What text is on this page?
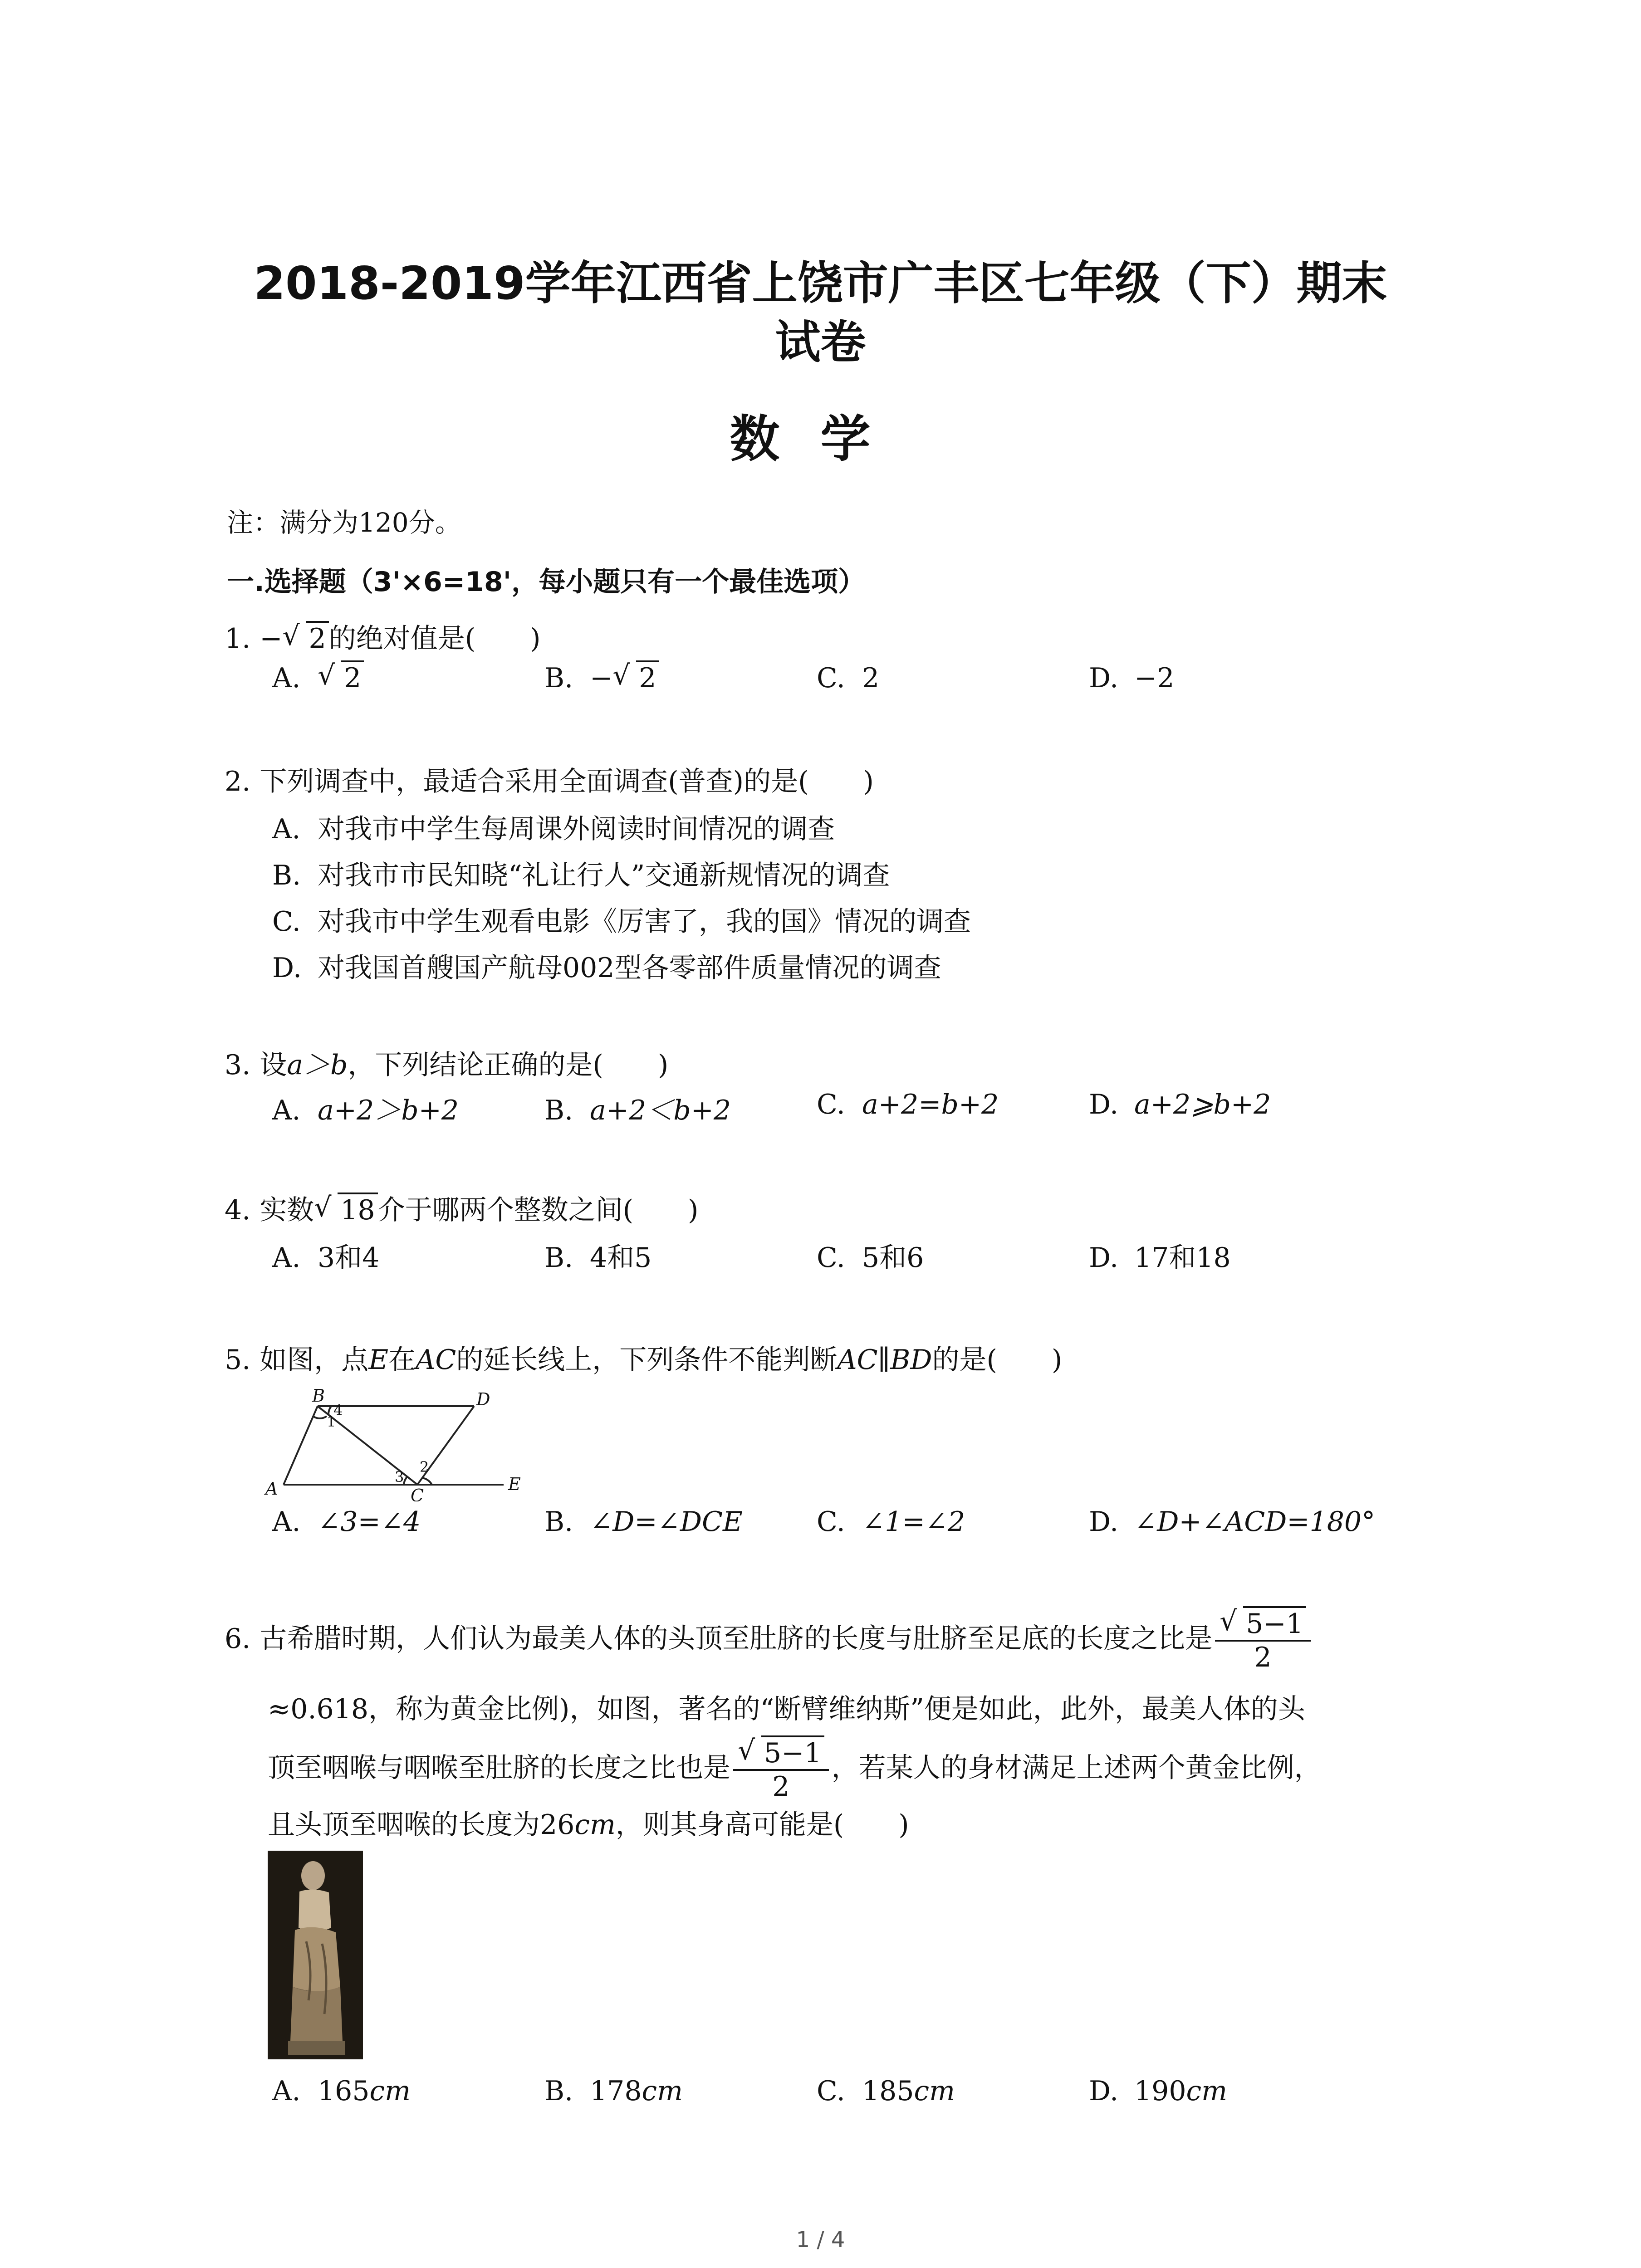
2018-2019学年江西省上饶市广丰区七年级（下）期末
试卷
数学
注：满分为120分。
一.选择题（3'×6=18'，每小题只有一个最佳选项）
1. − √ 2 的绝对值是( )
A. √ 2	B. − √ 2	C. 2	D. −2
2. 下列调查中，最适合采用全面调查(普查)的是( )
A. 对我市中学生每周课外阅读时间情况的调查
B. 对我市市民知晓“礼让行人”交通新规情况的调查
C. 对我市中学生观看电影《厉害了，我的国》情况的调查
D. 对我国首艘国产航母002型各零部件质量情况的调查
3. 设a＞b，下列结论正确的是( )
A. a+2＞b+2	B. a+2＜b+2	C. a+2=b+2	D. a+2⩾b+2
4. 实数 √ 18 介于哪两个整数之间( )
A. 3和4	B. 4和5	C. 5和6	D. 17和18
5. 如图，点E在AC的延长线上，下列条件不能判断AC∥BD的是( )
B	D
A	C
E
1
4
2
3
A. ∠3=∠4	B. ∠D=∠DCE	C. ∠1=∠2	D. ∠D+∠ACD=180°
6. 古希腊时期，人们认为最美人体的头顶至肚脐的长度与肚脐至足底的长度之比是 $\frac{√ 5-1}{2}$
≈0.618，称为黄金比例)，如图，著名的“断臂维纳斯”便是如此，此外，最美人体的头
顶至咽喉与咽喉至肚脐的长度之比也是 $\frac{√ 5-1}{2}$ ，若某人的身材满足上述两个黄金比例，
且头顶至咽喉的长度为26cm，则其身高可能是( )
A. 165cm	B. 178cm	C. 185cm	D. 190cm
1 / 4
